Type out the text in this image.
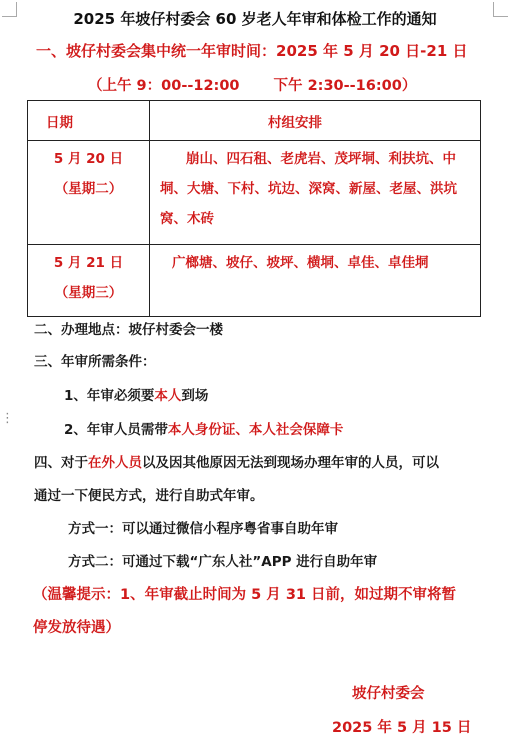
⋮
2025 年坡仔村委会 60 岁老人年审和体检工作的通知
一、坡仔村委会集中统一年审时间：2025 年 5 月 20 日-21 日
（上午 9：00--12:00 下午 2:30--16:00）
日期	村组安排

5 月 20 日
（星期二）	崩山、四石租、老虎岩、茂坪垌、利扶坑、中垌、大塘、下村、坑边、深窝、新屋、老屋、洪坑窝、木砖

5 月 21 日
（星期三）	广榔塘、坡仔、坡坪、横垌、卓佳、卓佳垌
二、办理地点：坡仔村委会一楼
三、年审所需条件：
1、年审必须要本人到场
2、年审人员需带本人身份证、本人社会保障卡
四、对于在外人员以及因其他原因无法到现场办理年审的人员，可以
通过一下便民方式，进行自助式年审。
方式一：可以通过微信小程序粤省事自助年审
方式二：可通过下载“广东人社”APP 进行自助年审
（温馨提示：1、年审截止时间为 5 月 31 日前，如过期不审将暂
停发放待遇）
坡仔村委会
2025 年 5 月 15 日
